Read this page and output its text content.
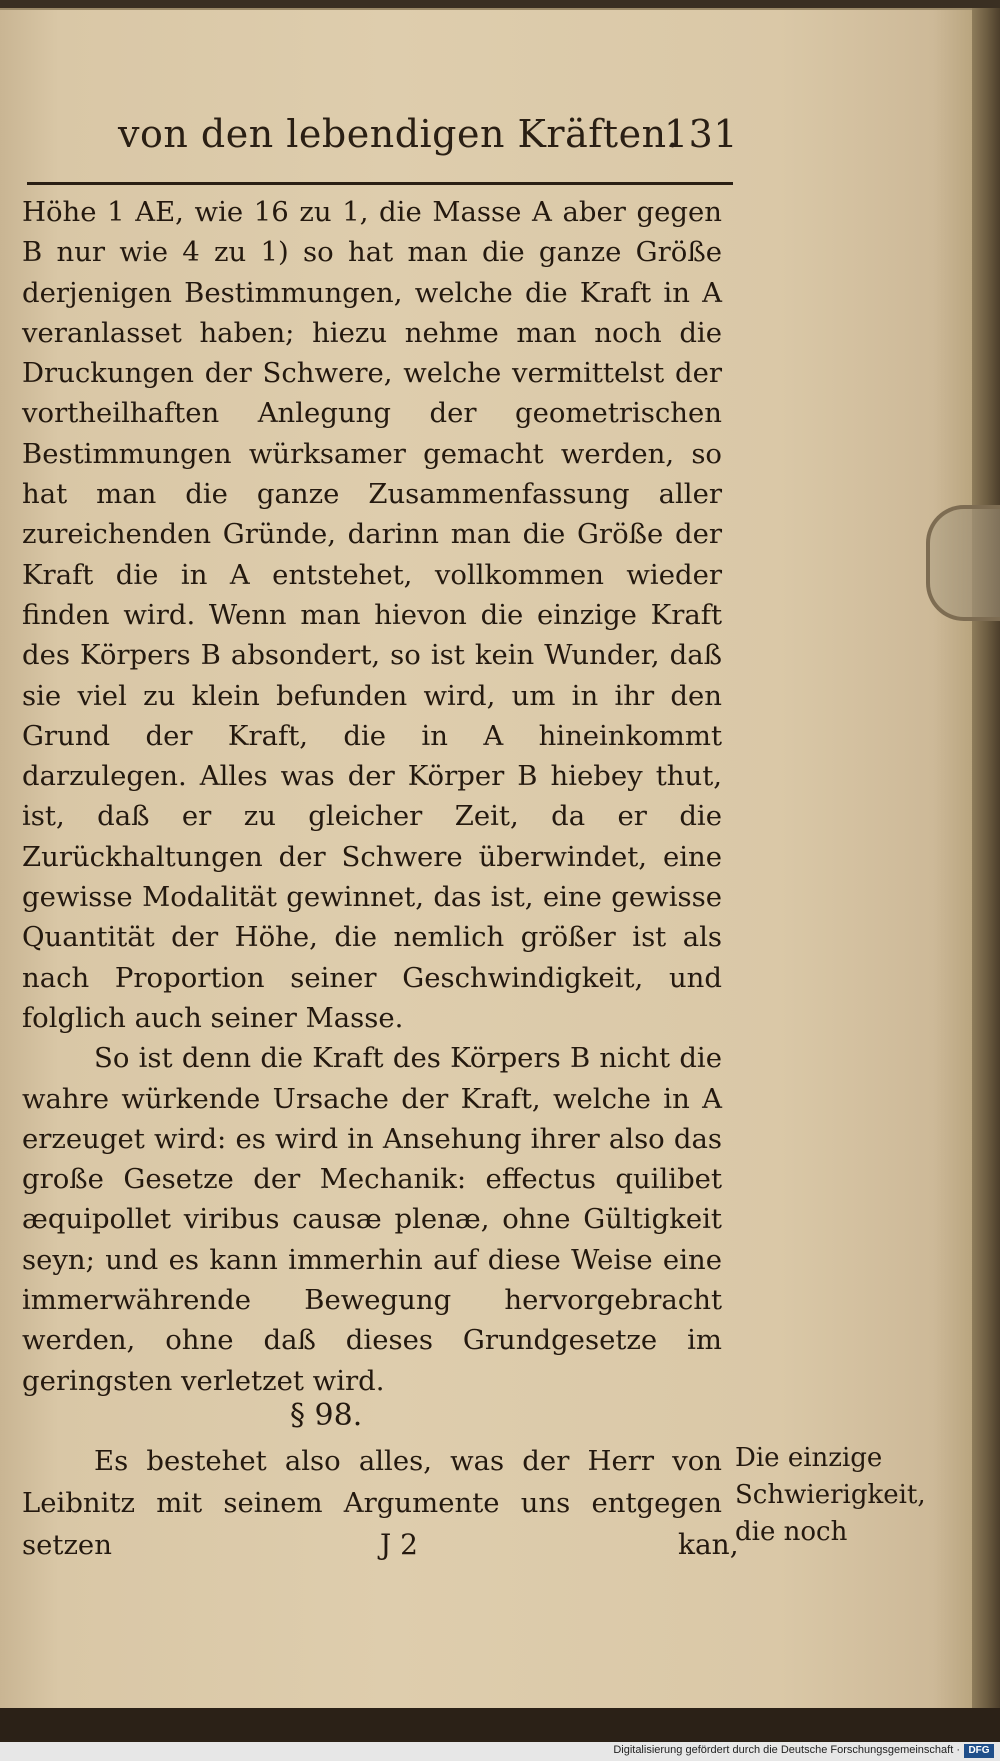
von den lebendigen Kräften.
131

Höhe 1 AE, wie 16 zu 1, die Masse A aber gegen B nur wie 4 zu 1) so hat man die ganze Größe derjenigen Bestimmungen, welche die Kraft in A veranlasset haben; hiezu nehme man noch die Druckungen der Schwere, welche vermittelst der vortheilhaften Anlegung der geometrischen Bestimmungen würksamer gemacht werden, so hat man die ganze Zusammenfassung aller zureichenden Gründe, darinn man die Größe der Kraft die in A entstehet, vollkommen wieder finden wird. Wenn man hievon die einzige Kraft des Körpers B absondert, so ist kein Wunder, daß sie viel zu klein befunden wird, um in ihr den Grund der Kraft, die in A hineinkommt darzulegen. Alles was der Körper B hiebey thut, ist, daß er zu gleicher Zeit, da er die Zurückhaltungen der Schwere überwindet, eine gewisse Modalität gewinnet, das ist, eine gewisse Quantität der Höhe, die nemlich größer ist als nach Proportion seiner Geschwindigkeit, und folglich auch seiner Masse.

So ist denn die Kraft des Körpers B nicht die wahre würkende Ursache der Kraft, welche in A erzeuget wird: es wird in Ansehung ihrer also das große Gesetze der Mechanik: effectus quilibet æquipollet viribus causæ plenæ, ohne Gültigkeit seyn; und es kann immerhin auf diese Weise eine immerwährende Bewegung hervorgebracht werden, ohne daß dieses Grundgesetze im geringsten verletzet wird.

§ 98.

Es bestehet also alles, was der Herr von Leibnitz mit seinem Argumente uns entgegen setzen	J 2	kan,
Die einzige Schwierigkeit, die noch
Digitalisierung gefördert durch die Deutsche Forschungsgemeinschaft · DFG
